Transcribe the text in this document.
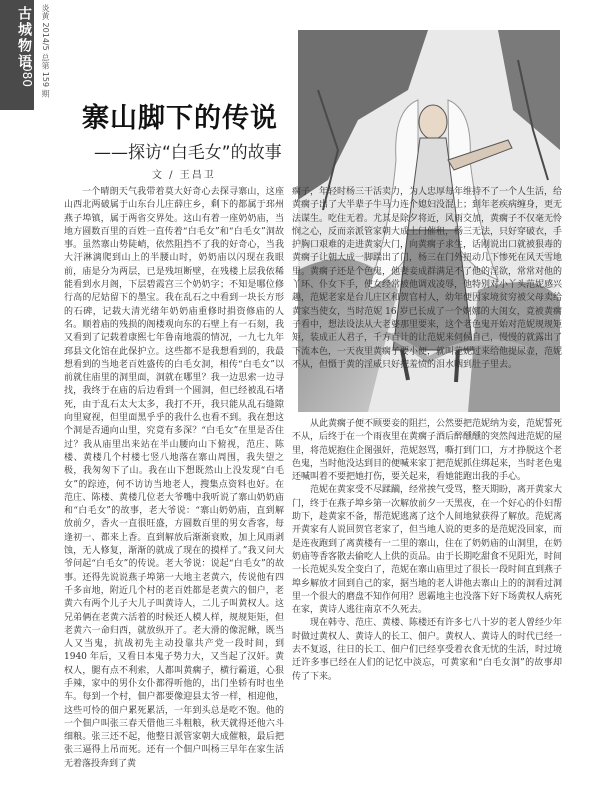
古城物语
080 炎黄 2014/5 总第 159 期
寨山脚下的传说
——探访“白毛女”的故事
文 / 王昌卫

一个晴朗天气我带着莫大好奇心去探寻寨山，这座山西北两破属于山东台儿庄薛庄乡，剩下的都属于邳州燕子埠镇，属于两省交界处。这山有着一座奶奶庙，当地方圆数百里的百姓一直传着“白毛女”和“白毛女”洞故事。虽然寨山势陡峭，依然阻挡不了我的好奇心，当我大汗淋漓爬到山上的半腰山时，奶奶庙以闪现在我眼前，庙是分为两层，已是残垣断壁，在残楼上层我依稀能看到水月阁，下层碧霞宫三个奶奶字；不知是哪位修行高的尼姑留下的墨宝。我在乱石之中看到一块长方形的石碑，记载大清光绪年奶奶庙重修时捐资修庙的人名。顺着庙的残损的阁楼观向东的石壁上有一石刻，我又看到了记载着康熙七年鲁南地震的情况，一九七九年邳县文化馆在此保护立。这些都不是我想看到的，我最想看到的当地老百姓盛传的白毛女洞，相传“白毛女”以前就住庙里的洞里面，洞就在哪里？我一边思索一边寻找，我终于在庙的后边看到一个圆洞，但已经被乱石堵死，由于乱石太大太多，我打不开，我只能从乱石缝隙向里窥视，但里面黑乎乎的我什么也看不到。我在想这个洞是否通向山里，究竟有多深？“白毛女”在里是否住过？我从庙里出来站在半山腰向山下俯视，范庄、陈楼、黄楼几个村楼七竖八地落在寨山周围，我失望之极，我匆匆下了山。我在山下想既然山上没发现“白毛女”的踪迹，何不访访当地老人，搜集点资料也好。在范庄、陈楼、黄楼几位老大爷嘴中我听说了寨山奶奶庙和“白毛女”的故事，老大爷说：“寨山奶奶庙，直到解放前夕，香火一直很旺盛，方圆数百里的男女香客，每逢初一、都来上香。直到解放后渐渐衰败，加上风雨剥蚀，无人修复，渐渐的就成了现在的摸样了。”我又问大爷问起“白毛女”的传说。老大爷说：说起“白毛女”的故事。还得先说说燕子埠第一大地主老黄六，传说他有四千多亩地，附近几个村的老百姓都是老黄六的佃户，老黄六有两个儿子大儿子叫黄诗人，二儿子叫黄权人。这兄弟俩在老黄六活着的时候还人模人样，规规矩矩，但老黄六一命归西，就放纵开了。老大滑的像泥鳅，既当人又当鬼，抗战初先主动投靠共产党一段时间，到 1940 年后，又看日本鬼子势力大，又当起了汉奸。黄权人，腿有点不利索，人都叫黄瘸子，横行霸道，心狠手辣，家中的男仆女仆都得听他的，出门坐轿有时也坐车。每到一个村，佃户都要像迎县太爷一样，相迎他，这些可怜的佃户累死累活，一年到头总是吃不饱。他的一个佃户叫张三春天借他三斗粗粮，秋天就得还他六斗细粮。张三还不起，他整日派管家朝大成催粮，最后把张三逼得上吊而死。还有一个佃户叫杨三早年在家生活无着落投奔到了黄

瘸子，年轻时杨三干活卖力，为人忠厚每年维持不了一个人生活，给黄瘸子出了大半辈子牛马力连个媳妇没混上；到年老疾病缠身，更无法谋生。吃住无着。尤其是除夕将近，风雨交加，黄瘸子不仅毫无怜悯之心，反而亲派管家朝大成上门催租，杨三无法，只好穿破衣，手护胸口艰难的走进黄家大门，向黄瘸子求生，话刚说出口就被狠毒的黄瘸子让朝大成一脚踹出了门，杨三在门外扭动几下惨死在风天雪地里。黄瘸子还是个色鬼，他妻妾成群满足不了他的淫欲，常常对他的丫环、仆女下手，使女经常被他调戏凌辱，他特别对小丫头范妮感兴趣，范妮老家是台儿庄区和贺官村人，幼年便因家境贫穷被父母卖给黄家当使女，当时范妮 16 岁已长成了一个婀娜的大闺女，竟被黄瘸子看中，想法设法从大老婆那里要来，这个老色鬼开始对范妮规规矩矩，装成正人君子，千方百计的让范妮来伺候自己，慢慢的就露出了下流本色，一天夜里黄瘸子要小便，就叫范妮过来给他提尿壶，范妮不从，但慑于黄的淫威只好把羞愤的泪水咽到肚子里去。

从此黄瘸子便不顾要妾的阻拦，公然要把范妮纳为妾，范妮誓死不从，后终于在一个雨夜里在黄瘸子酒后醉醺醺的突然闯进范妮的屋里，将范妮抱住企图强奸，范妮怒骂，嘶打到门口，方才挣脱这个老色鬼，当时他没达到目的便喊来家丁把范妮抓住绑起来，当时老色鬼还喊叫着不要把她打伤，要关起来，看她能跑出我的手心。

范妮在黄家受不尽蹂躏，经常挨气受骂，整天期盼，离开黄家大门，终于在燕子埠乡第一次解放前夕一天黑夜，在一个好心的仆妇帮助下，趁黄家不备，帮范妮逃离了这个人间地狱获得了解放。范妮离开黄家有人说回贺官老家了，但当地人说的更多的是范妮没回家，而是连夜跑到了离黄楼有一二里的寨山，住在了奶奶庙的山洞里，在奶奶庙等香客散去偷吃人上供的贡品。由于长期吃甜食不见阳光，时间一长范妮头发全变白了，范妮在寨山庙里过了很长一段时间直到燕子埠乡解放才回到自己的家，据当地的老人讲他去寨山上的的洞看过洞里一个很大的磨盘不知作何用？恩霸地主也没落下好下场黄权人病死在家，黄诗人逃往南京不久死去。

现在韩寺、范庄、黄楼、陈楼还有许多七八十岁的老人曾经少年时做过黄权人、黄诗人的长工、佃户。黄权人、黄诗人的时代已经一去不复返，往日的长工、佃户们已经享受着衣食无忧的生活，时过境迁许多事已经在人们的记忆中淡忘，可黄家和“白毛女洞”的故事却传了下来。
